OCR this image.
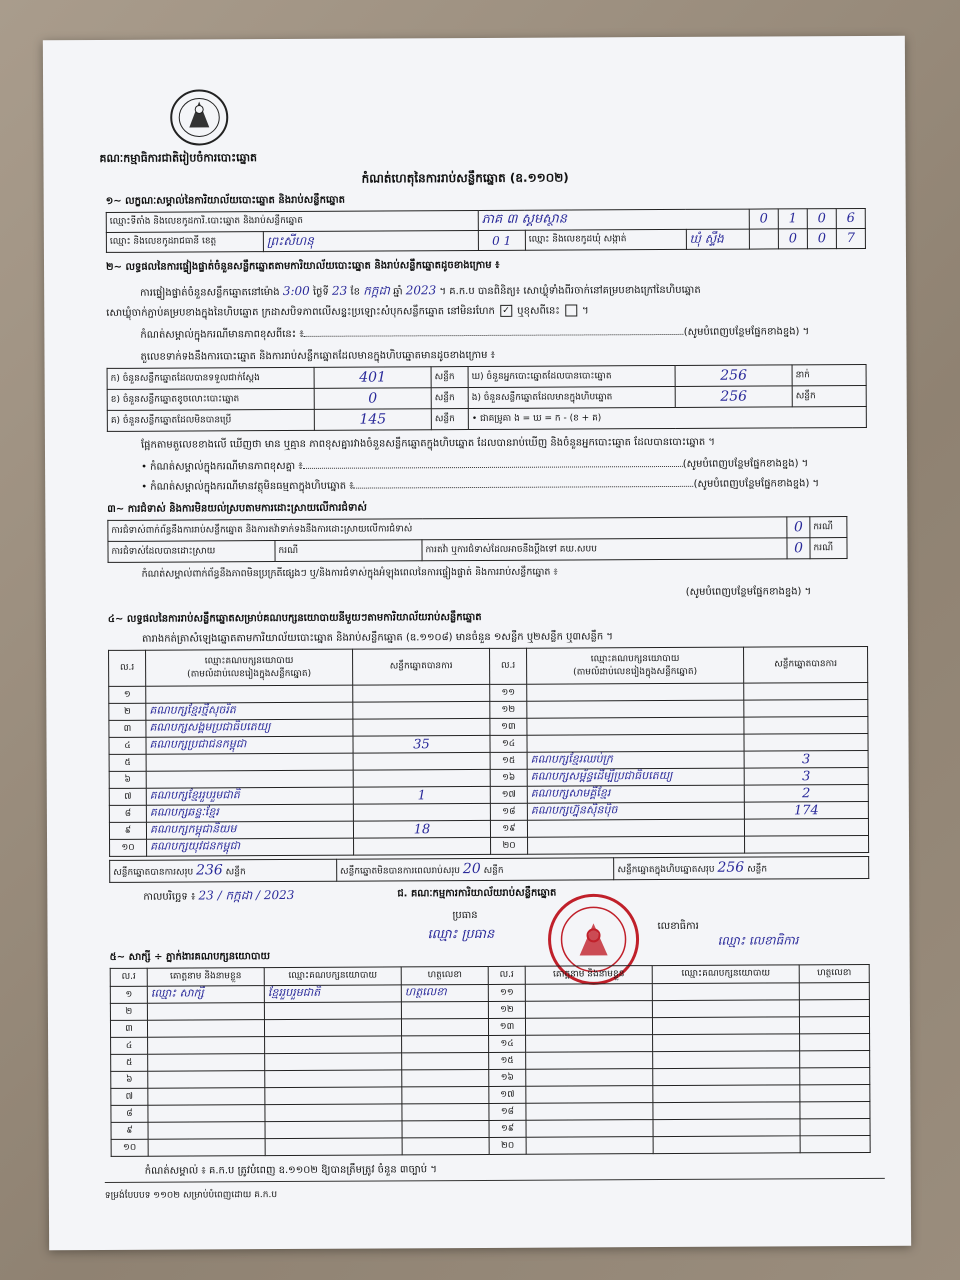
គណៈកម្មាធិការជាតិរៀបចំការបោះឆ្នោត
កំណត់ហេតុនៃការរាប់សន្លឹកឆ្នោត (ឧ.១១០២)
១~ លក្ខណៈសម្គាល់នៃការិយាល័យបោះឆ្នោត និងរាប់សន្លឹកឆ្នោត
ឈ្មោះទីតាំង និងលេខកូដការិ.បោះឆ្នោត និងរាប់សន្លឹកឆ្នោត		ភាគ ៣ ស្គមស្ថាន			0	1	0	6
ឈ្មោះ និងលេខកូដរាជធានី ខេត្ត	ព្រះសីហនុ	0 1	ឈ្មោះ និងលេខកូដឃុំ សង្កាត់	ឃុំ ស្ទឹង		0	0	7
២~ លទ្ធផលនៃការផ្ទៀងផ្ទាត់ចំនួនសន្លឹកឆ្នោតតាមការិយាល័យបោះឆ្នោត និងរាប់សន្លឹកឆ្នោតដូចខាងក្រោម ៖
ការផ្ទៀងផ្ទាត់ចំនួនសន្លឹកឆ្នោតនៅម៉ោង 3:00 ថ្ងៃទី 23 ខែ កក្កដា ឆ្នាំ 2023 ។ គ.ក.ប បានពិនិត្យ៖ សោឃ្លុំទាំងពីរចាក់នៅគម្របខាងក្រៅនៃហិបឆ្នោត
សោឃ្លុំចាក់ភ្ជាប់គម្របខាងក្នុងនៃហិបឆ្នោត ក្រដាសបិទភាពលើសន្ទះប្រឡោះសំបុកសន្លឹកឆ្នោត នៅមិនរហែក ✓ ឬខុសពីនេះ  ។
កំណត់សម្គាល់ក្នុងករណីមានភាពខុសពីនេះ ៖	(សូមបំពេញបន្ថែមផ្នែកខាងខ្នង) ។
តួលេខទាក់ទងនឹងការបោះឆ្នោត និងការរាប់សន្លឹកឆ្នោតដែលមានក្នុងហិបឆ្នោតមានដូចខាងក្រោម ៖
ក) ចំនួនសន្លឹកឆ្នោតដែលបានទទួលជាក់ស្តែង	401	សន្លឹក	ឃ) ចំនួនអ្នកបោះឆ្នោតដែលបានបោះឆ្នោត	256	នាក់
ខ) ចំនួនសន្លឹកឆ្នោតខូចលោះបោះឆ្នោត	0	សន្លឹក	ង) ចំនួនសន្លឹកឆ្នោតដែលមានក្នុងហិបឆ្នោត	256	សន្លឹក
គ) ចំនួនសន្លឹកឆ្នោតដែលមិនបានប្រើ	145	សន្លឹក	• ជាគម្រូគា ង = ឃ = ក - (ខ + គ)		
ផ្អែកតាមតួលេខខាងលើ ឃើញថា មាន ឬគ្មាន ភាពខុសគ្នារវាងចំនួនសន្លឹកឆ្នោតក្នុងហិបឆ្នោត ដែលបានរាប់ឃើញ និងចំនួនអ្នកបោះឆ្នោត ដែលបានបោះឆ្នោត ។
• កំណត់សម្គាល់ក្នុងករណីមានភាពខុសគ្នា ៖	(សូមបំពេញបន្ថែមផ្នែកខាងខ្នង) ។
• កំណត់សម្គាល់ក្នុងករណីមានវត្ថុមិនធម្មតាក្នុងហិបឆ្នោត ៖	(សូមបំពេញបន្ថែមផ្នែកខាងខ្នង) ។
៣~ ការជំទាស់ និងការមិនយល់ស្របតាមការដោះស្រាយលើការជំទាស់
ការជំទាស់ពាក់ព័ន្ធនឹងការរាប់សន្លឹកឆ្នោត និងការតវ៉ាទាក់ទងនឹងការដោះស្រាយលើការជំទាស់			0	ករណី
ការជំទាស់ដែលបានដោះស្រាយ	ករណី	ការតវ៉ា ឬការជំទាស់ដែលអាចនឹងប្តឹងទៅ គឃ.សបប	0	ករណី
កំណត់សម្គាល់ពាក់ព័ន្ធនឹងភាពមិនប្រក្រតីផ្សេងៗ ឬ/និងការជំទាស់ក្នុងអំឡុងពេលនៃការផ្ទៀងផ្ទាត់ និងការរាប់សន្លឹកឆ្នោត ៖
(សូមបំពេញបន្ថែមផ្នែកខាងខ្នង) ។
៤~ លទ្ធផលនៃការរាប់សន្លឹកឆ្នោតសម្រាប់គណបក្សនយោបាយនីមួយៗតាមការិយាល័យរាប់សន្លឹកឆ្នោត
តារាងកត់ត្រាសំឡេងឆ្នោតតាមការិយាល័យបោះឆ្នោត និងរាប់សន្លឹកឆ្នោត (ឧ.១១០៨) មានចំនួន ១សន្លឹក ឬ២សន្លឹក ឬ៣សន្លឹក ។
ល.រ	ឈ្មោះគណបក្សនយោបាយ
(តាមលំដាប់លេខរៀងក្នុងសន្លឹកឆ្នោត)	សន្លឹកឆ្នោតបានការ	ល.រ	ឈ្មោះគណបក្សនយោបាយ
(តាមលំដាប់លេខរៀងក្នុងសន្លឹកឆ្នោត)	សន្លឹកឆ្នោតបានការ
១			១១		
២	គណបក្សខ្មែរថ្មីសុចរិត		១២		
៣	គណបក្សសង្គមប្រជាធិបតេយ្យ		១៣		
៤	គណបក្សប្រជាជនកម្ពុជា	35	១៤		
៥			១៥	គណបក្សខ្មែរឈប់ក្រ	3
៦			១៦	គណបក្សសម្ព័ន្ធដើម្បីប្រជាធិបតេយ្យ	3
៧	គណបក្សខ្មែររួបរួមជាតិ	1	១៧	គណបក្សសាមគ្គីខ្មែរ	2
៨	គណបក្សឆន្ទៈខ្មែរ		១៨	គណបក្សហ្វ៊ុនស៊ិនប៉ិច	174
៩	គណបក្សកម្ពុជានិយម	18	១៩		
១០	គណបក្សយុវជនកម្ពុជា		២០		
សន្លឹកឆ្នោតបានការសរុប 236 សន្លឹក	សន្លឹកឆ្នោតមិនបានការពេលរាប់សរុប 20 សន្លឹក	សន្លឹកឆ្នោតក្នុងហិបឆ្នោតសរុប 256 សន្លឹក
កាលបរិច្ឆេទ ៖ 23 / កក្កដា / 2023	ជ. គណៈកម្មការការិយាល័យរាប់សន្លឹកឆ្នោត
ប្រធាន
ឈ្មោះ ប្រធាន
លេខាធិការ
ឈ្មោះ លេខាធិការ
៥~ សាក្សី ÷ ភ្នាក់ងារគណបក្សនយោបាយ
ល.រ	គោត្តនាម និងនាមខ្លួន	ឈ្មោះគណបក្សនយោបាយ	ហត្ថលេខា	ល.រ	គោត្តនាម និងនាមខ្លួន	ឈ្មោះគណបក្សនយោបាយ	ហត្ថលេខា
១	ឈ្មោះ សាក្សី	ខ្មែររួបរួមជាតិ	ហត្ថលេខា	១១			
២				១២			
៣				១៣			
៤				១៤			
៥				១៥			
៦				១៦			
៧				១៧			
៨				១៨			
៩				១៩			
១០				២០			
កំណត់សម្គាល់ ៖ គ.ក.ប ត្រូវបំពេញ ឧ.១១០២ ឱ្យបានត្រឹមត្រូវ ចំនួន ៣ច្បាប់ ។
ទម្រង់បែបបទ ១១០២ សម្រាប់បំពេញដោយ គ.ក.ប
